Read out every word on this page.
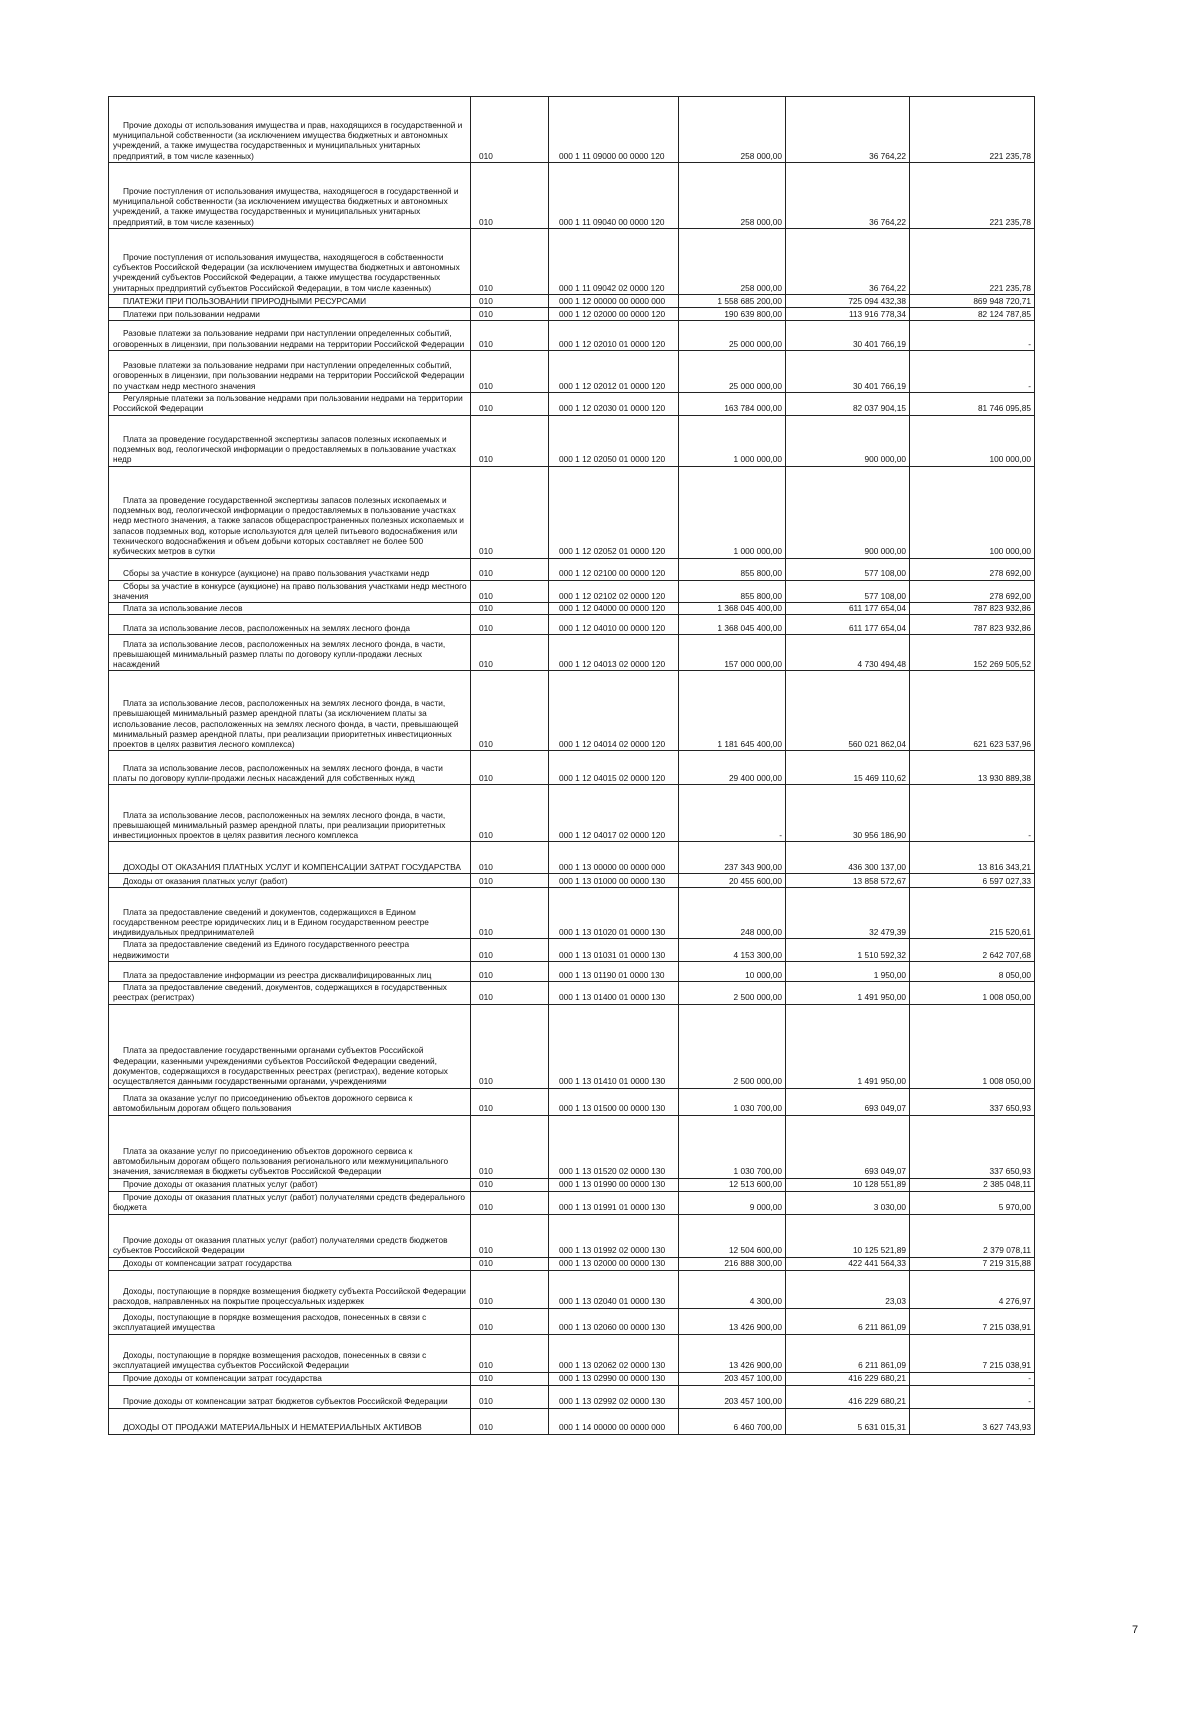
Прочие доходы от использования имущества и прав, находящихся в государственной и муниципальной собственности (за исключением имущества бюджетных и автономных учреждений, а также имущества государственных и муниципальных унитарных предприятий, в том числе казенных)	010	000 1 11 09000 00 0000 120	258 000,00	36 764,22	221 235,78
Прочие поступления от использования имущества, находящегося в государственной и муниципальной собственности (за исключением имущества бюджетных и автономных учреждений, а также имущества государственных и муниципальных унитарных предприятий, в том числе казенных)	010	000 1 11 09040 00 0000 120	258 000,00	36 764,22	221 235,78
Прочие поступления от использования имущества, находящегося в собственности субъектов Российской Федерации (за исключением имущества бюджетных и автономных учреждений субъектов Российской Федерации, а также имущества государственных унитарных предприятий субъектов Российской Федерации, в том числе казенных)	010	000 1 11 09042 02 0000 120	258 000,00	36 764,22	221 235,78
ПЛАТЕЖИ ПРИ ПОЛЬЗОВАНИИ ПРИРОДНЫМИ РЕСУРСАМИ	010	000 1 12 00000 00 0000 000	1 558 685 200,00	725 094 432,38	869 948 720,71
Платежи при пользовании недрами	010	000 1 12 02000 00 0000 120	190 639 800,00	113 916 778,34	82 124 787,85
Разовые платежи за пользование недрами при наступлении определенных событий, оговоренных в лицензии, при пользовании недрами на территории Российской Федерации	010	000 1 12 02010 01 0000 120	25 000 000,00	30 401 766,19	-
Разовые платежи за пользование недрами при наступлении определенных событий, оговоренных в лицензии, при пользовании недрами на территории Российской Федерации по участкам недр местного значения	010	000 1 12 02012 01 0000 120	25 000 000,00	30 401 766,19	-
Регулярные платежи за пользование недрами при пользовании недрами на территории Российской Федерации	010	000 1 12 02030 01 0000 120	163 784 000,00	82 037 904,15	81 746 095,85
Плата за проведение государственной экспертизы запасов полезных ископаемых и подземных вод, геологической информации о предоставляемых в пользование участках недр	010	000 1 12 02050 01 0000 120	1 000 000,00	900 000,00	100 000,00
Плата за проведение государственной экспертизы запасов полезных ископаемых и подземных вод, геологической информации о предоставляемых в пользование участках недр местного значения, а также запасов общераспространенных полезных ископаемых и запасов подземных вод, которые используются для целей питьевого водоснабжения или технического водоснабжения и объем добычи которых составляет не более 500 кубических метров в сутки	010	000 1 12 02052 01 0000 120	1 000 000,00	900 000,00	100 000,00
Сборы за участие в конкурсе (аукционе) на право пользования участками недр	010	000 1 12 02100 00 0000 120	855 800,00	577 108,00	278 692,00
Сборы за участие в конкурсе (аукционе) на право пользования участками недр местного значения	010	000 1 12 02102 02 0000 120	855 800,00	577 108,00	278 692,00
Плата за использование лесов	010	000 1 12 04000 00 0000 120	1 368 045 400,00	611 177 654,04	787 823 932,86
Плата за использование лесов, расположенных на землях лесного фонда	010	000 1 12 04010 00 0000 120	1 368 045 400,00	611 177 654,04	787 823 932,86
Плата за использование лесов, расположенных на землях лесного фонда, в части, превышающей минимальный размер платы по договору купли-продажи лесных насаждений	010	000 1 12 04013 02 0000 120	157 000 000,00	4 730 494,48	152 269 505,52
Плата за использование лесов, расположенных на землях лесного фонда, в части, превышающей минимальный размер арендной платы (за исключением платы за использование лесов, расположенных на землях лесного фонда, в части, превышающей минимальный размер арендной платы, при реализации приоритетных инвестиционных проектов в целях развития лесного комплекса)	010	000 1 12 04014 02 0000 120	1 181 645 400,00	560 021 862,04	621 623 537,96
Плата за использование лесов, расположенных на землях лесного фонда, в части платы по договору купли-продажи лесных насаждений для собственных нужд	010	000 1 12 04015 02 0000 120	29 400 000,00	15 469 110,62	13 930 889,38
Плата за использование лесов, расположенных на землях лесного фонда, в части, превышающей минимальный размер арендной платы, при реализации приоритетных инвестиционных проектов в целях развития лесного комплекса	010	000 1 12 04017 02 0000 120	-	30 956 186,90	-
ДОХОДЫ ОТ ОКАЗАНИЯ ПЛАТНЫХ УСЛУГ И КОМПЕНСАЦИИ ЗАТРАТ ГОСУДАРСТВА	010	000 1 13 00000 00 0000 000	237 343 900,00	436 300 137,00	13 816 343,21
Доходы от оказания платных услуг (работ)	010	000 1 13 01000 00 0000 130	20 455 600,00	13 858 572,67	6 597 027,33
Плата за предоставление сведений и документов, содержащихся в Едином государственном реестре юридических лиц и в Едином государственном реестре индивидуальных предпринимателей	010	000 1 13 01020 01 0000 130	248 000,00	32 479,39	215 520,61
Плата за предоставление сведений из Единого государственного реестра недвижимости	010	000 1 13 01031 01 0000 130	4 153 300,00	1 510 592,32	2 642 707,68
Плата за предоставление информации из реестра дисквалифицированных лиц	010	000 1 13 01190 01 0000 130	10 000,00	1 950,00	8 050,00
Плата за предоставление сведений, документов, содержащихся в государственных реестрах (регистрах)	010	000 1 13 01400 01 0000 130	2 500 000,00	1 491 950,00	1 008 050,00
Плата за предоставление государственными органами субъектов Российской Федерации, казенными учреждениями субъектов Российской Федерации сведений, документов, содержащихся в государственных реестрах (регистрах), ведение которых осуществляется данными государственными органами, учреждениями	010	000 1 13 01410 01 0000 130	2 500 000,00	1 491 950,00	1 008 050,00
Плата за оказание услуг по присоединению объектов дорожного сервиса к автомобильным дорогам общего пользования	010	000 1 13 01500 00 0000 130	1 030 700,00	693 049,07	337 650,93
Плата за оказание услуг по присоединению объектов дорожного сервиса к автомобильным дорогам общего пользования регионального или межмуниципального значения, зачисляемая в бюджеты субъектов Российской Федерации	010	000 1 13 01520 02 0000 130	1 030 700,00	693 049,07	337 650,93
Прочие доходы от оказания платных услуг (работ)	010	000 1 13 01990 00 0000 130	12 513 600,00	10 128 551,89	2 385 048,11
Прочие доходы от оказания платных услуг (работ) получателями средств федерального бюджета	010	000 1 13 01991 01 0000 130	9 000,00	3 030,00	5 970,00
Прочие доходы от оказания платных услуг (работ) получателями средств бюджетов субъектов Российской Федерации	010	000 1 13 01992 02 0000 130	12 504 600,00	10 125 521,89	2 379 078,11
Доходы от компенсации затрат государства	010	000 1 13 02000 00 0000 130	216 888 300,00	422 441 564,33	7 219 315,88
Доходы, поступающие в порядке возмещения бюджету субъекта Российской Федерации расходов, направленных на покрытие процессуальных издержек	010	000 1 13 02040 01 0000 130	4 300,00	23,03	4 276,97
Доходы, поступающие в порядке возмещения расходов, понесенных в связи с эксплуатацией имущества	010	000 1 13 02060 00 0000 130	13 426 900,00	6 211 861,09	7 215 038,91
Доходы, поступающие в порядке возмещения расходов, понесенных в связи с эксплуатацией имущества субъектов Российской Федерации	010	000 1 13 02062 02 0000 130	13 426 900,00	6 211 861,09	7 215 038,91
Прочие доходы от компенсации затрат государства	010	000 1 13 02990 00 0000 130	203 457 100,00	416 229 680,21	-
Прочие доходы от компенсации затрат бюджетов субъектов Российской Федерации	010	000 1 13 02992 02 0000 130	203 457 100,00	416 229 680,21	-
ДОХОДЫ ОТ ПРОДАЖИ МАТЕРИАЛЬНЫХ И НЕМАТЕРИАЛЬНЫХ АКТИВОВ	010	000 1 14 00000 00 0000 000	6 460 700,00	5 631 015,31	3 627 743,93
7
